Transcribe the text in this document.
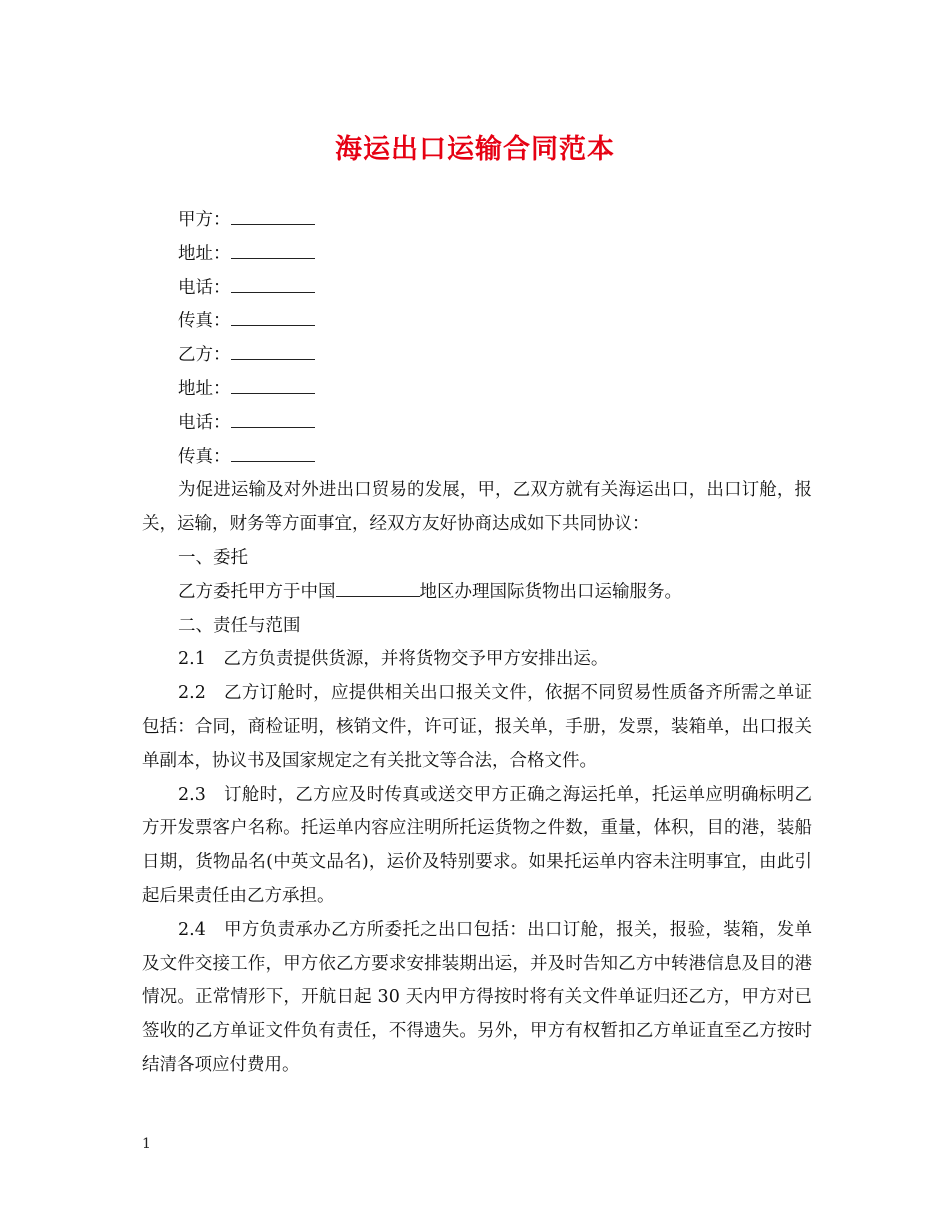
海运出口运输合同范本

甲方：

地址：

电话：

传真：

乙方：

地址：

电话：

传真：

为促进运输及对外进出口贸易的发展，甲，乙双方就有关海运出口，出口订舱，报关，运输，财务等方面事宜，经双方友好协商达成如下共同协议：

一、委托

乙方委托甲方于中国	地区办理国际货物出口运输服务。

二、责任与范围

2.1　乙方负责提供货源，并将货物交予甲方安排出运。

2.2　乙方订舱时，应提供相关出口报关文件，依据不同贸易性质备齐所需之单证包括：合同，商检证明，核销文件，许可证，报关单，手册，发票，装箱单，出口报关单副本，协议书及国家规定之有关批文等合法，合格文件。

2.3　订舱时，乙方应及时传真或送交甲方正确之海运托单，托运单应明确标明乙方开发票客户名称。托运单内容应注明所托运货物之件数，重量，体积，目的港，装船日期，货物品名(中英文品名)，运价及特别要求。如果托运单内容未注明事宜，由此引起后果责任由乙方承担。

2.4　甲方负责承办乙方所委托之出口包括：出口订舱，报关，报验，装箱，发单及文件交接工作，甲方依乙方要求安排装期出运，并及时告知乙方中转港信息及目的港情况。正常情形下，开航日起 30 天内甲方得按时将有关文件单证归还乙方，甲方对已签收的乙方单证文件负有责任，不得遗失。另外，甲方有权暂扣乙方单证直至乙方按时结清各项应付费用。

1
